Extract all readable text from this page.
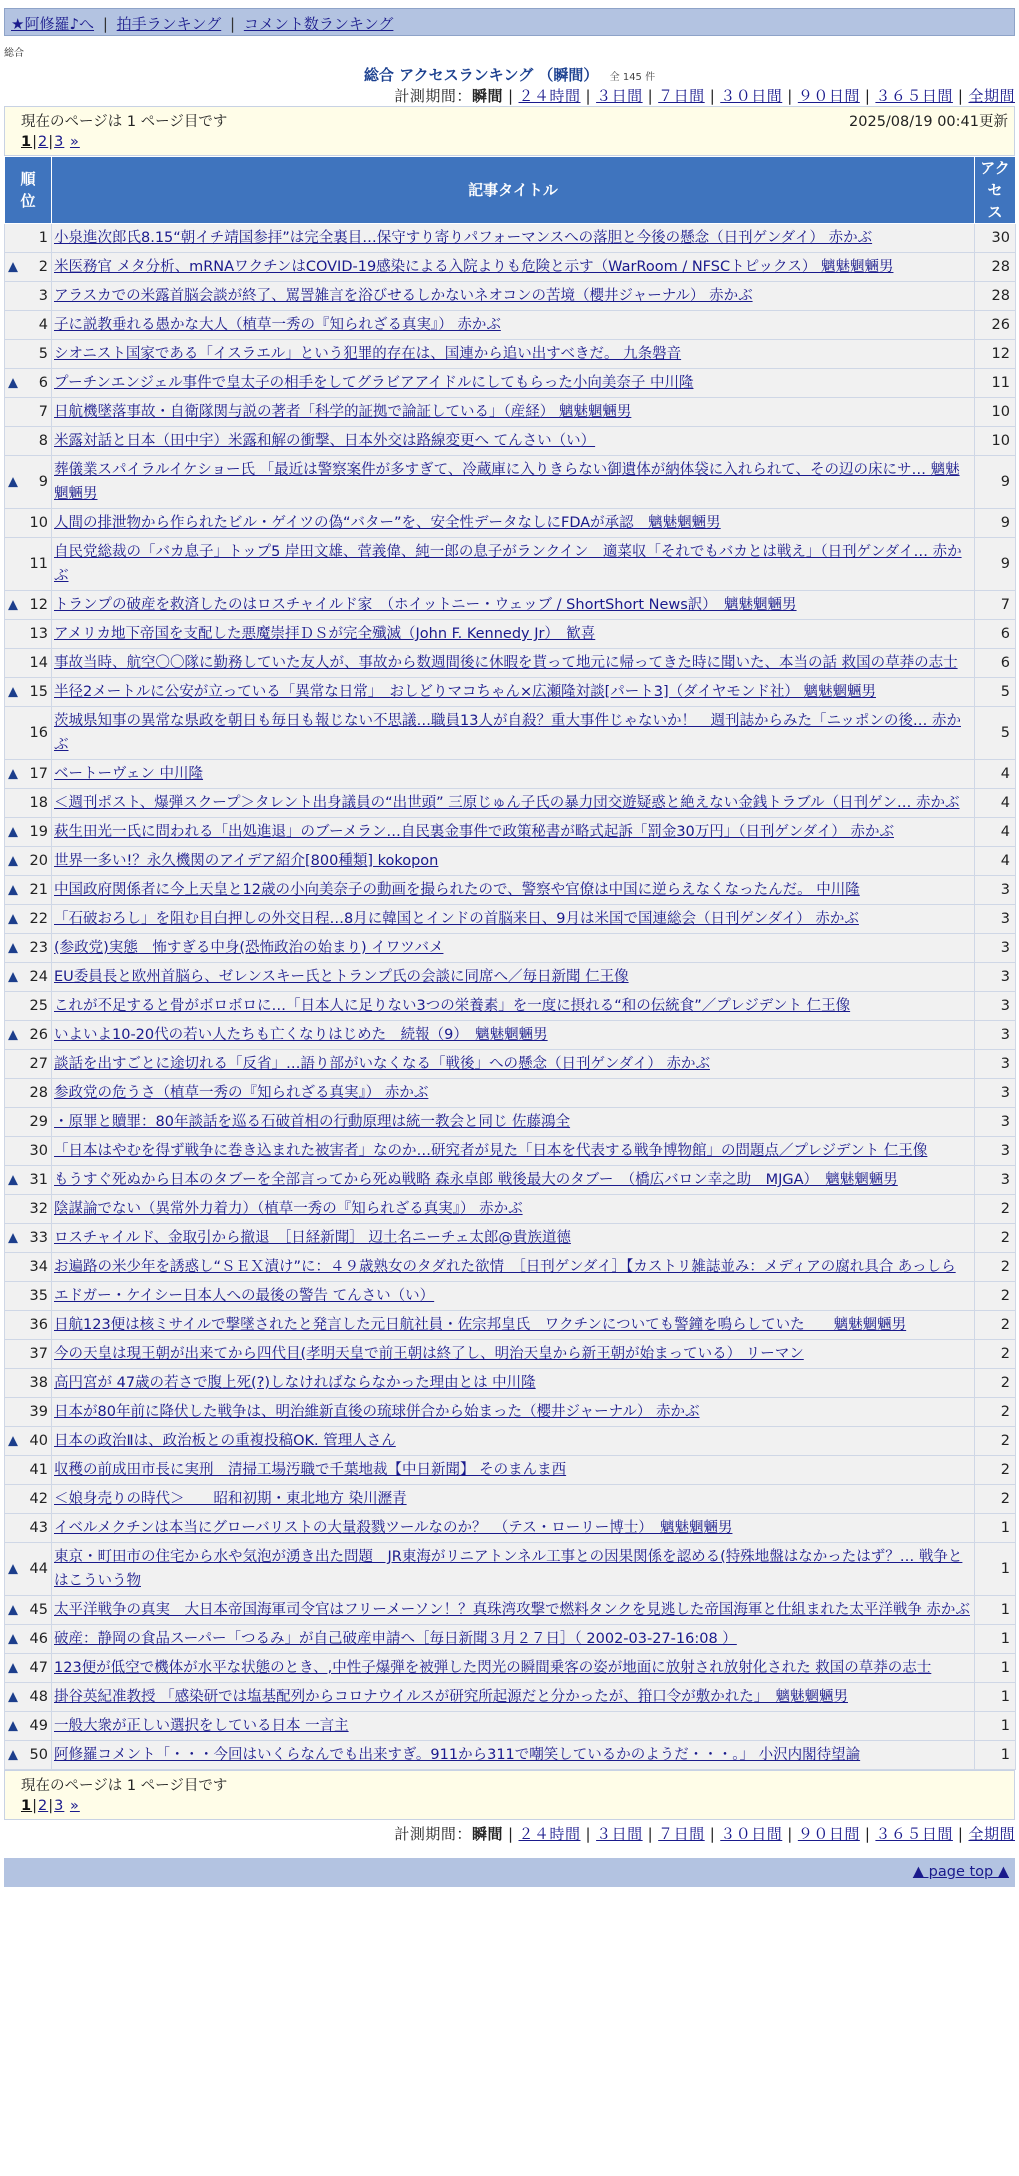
★阿修羅♪へ | 拍手ランキング | コメント数ランキング
総合
総合 アクセスランキング （瞬間） 全 145 件
計測期間：瞬間 | ２４時間 | ３日間 | ７日間 | ３０日間 | ９０日間 | ３６５日間 | 全期間
現在のページは 1 ページ目です	2025/08/19 00:41更新
1|2|3 »
順
位	記事タイトル	アクセ
ス
1	小泉進次郎氏8.15“朝イチ靖国参拝”は完全裏目…保守すり寄りパフォーマンスへの落胆と今後の懸念（日刊ゲンダイ） 赤かぶ	30

▲ 2	米医務官 メタ分析、mRNAワクチンはCOVID-19感染による入院よりも危険と示す（WarRoom / NFSCトピックス） 魑魅魍魎男	28
3	アラスカでの米露首脳会談が終了、罵詈雑言を浴びせるしかないネオコンの苦境（櫻井ジャーナル） 赤かぶ	28
4	子に説教垂れる愚かな大人（植草一秀の『知られざる真実』） 赤かぶ	26
5	シオニスト国家である「イスラエル」という犯罪的存在は、国連から追い出すべきだ。 九条磐音	12

▲ 6	プーチンエンジェル事件で皇太子の相手をしてグラビアアイドルにしてもらった小向美奈子 中川隆	11
7	日航機墜落事故・自衛隊関与説の著者「科学的証拠で論証している」（産経） 魑魅魍魎男	10
8	米露対話と日本（田中宇）米露和解の衝撃、日本外交は路線変更へ てんさい（い）	10

▲ 9	葬儀業スパイラルイケショー氏 「最近は警察案件が多すぎて、冷蔵庫に入りきらない御遺体が納体袋に入れられて、その辺の床にサ… 魑魅魍魎男	9
10	人間の排泄物から作られたビル・ゲイツの偽“バター”を、安全性データなしにFDAが承認　魑魅魍魎男	9
11	自民党総裁の「バカ息子」トップ5 岸田文雄、菅義偉、純一郎の息子がランクイン　適菜収「それでもバカとは戦え」（日刊ゲンダイ… 赤かぶ	9

▲ 12	トランプの破産を救済したのはロスチャイルド家　（ホイットニー・ウェッブ / ShortShort News訳）　魑魅魍魎男	7
13	アメリカ地下帝国を支配した悪魔崇拝ＤＳが完全殲滅（John F. Kennedy Jr）　歓喜	6
14	事故当時、航空〇〇隊に勤務していた友人が、事故から数週間後に休暇を貰って地元に帰ってきた時に聞いた、本当の話 救国の草莽の志士	6

▲ 15	半径2メートルに公安が立っている「異常な日常」　おしどりマコちゃん×広瀬隆対談[パート3]（ダイヤモンド社） 魑魅魍魎男	5
16	茨城県知事の異常な県政を朝日も毎日も報じない不思議…職員13人が自殺？重大事件じゃないか！　週刊誌からみた「ニッポンの後… 赤かぶ	5

▲ 17	ベートーヴェン 中川隆	4
18	＜週刊ポスト、爆弾スクープ＞タレント出身議員の“出世頭” 三原じゅん子氏の暴力団交遊疑惑と絶えない金銭トラブル（日刊ゲン… 赤かぶ	4

▲ 19	萩生田光一氏に問われる「出処進退」のブーメラン…自民裏金事件で政策秘書が略式起訴「罰金30万円」（日刊ゲンダイ） 赤かぶ	4

▲ 20	世界一多い!？永久機関のアイデア紹介[800種類] kokopon	4

▲ 21	中国政府関係者に今上天皇と12歳の小向美奈子の動画を撮られたので、警察や官僚は中国に逆らえなくなったんだ。 中川隆	3

▲ 22	「石破おろし」を阻む目白押しの外交日程…8月に韓国とインドの首脳来日、9月は米国で国連総会（日刊ゲンダイ） 赤かぶ	3

▲ 23	(参政党)実態　怖すぎる中身(恐怖政治の始まり) イワツバメ	3

▲ 24	EU委員長と欧州首脳ら、ゼレンスキー氏とトランプ氏の会談に同席へ／毎日新聞 仁王像	3
25	これが不足すると骨がボロボロに…「日本人に足りない3つの栄養素」を一度に摂れる“和の伝統食”／プレジデント 仁王像	3

▲ 26	いよいよ10-20代の若い人たちも亡くなりはじめた　続報（9）　魑魅魍魎男	3
27	談話を出すごとに途切れる「反省」…語り部がいなくなる「戦後」への懸念（日刊ゲンダイ） 赤かぶ	3
28	参政党の危うさ（植草一秀の『知られざる真実』） 赤かぶ	3
29	・原罪と贖罪：80年談話を巡る石破首相の行動原理は統一教会と同じ 佐藤鴻全	3
30	「日本はやむを得ず戦争に巻き込まれた被害者」なのか…研究者が見た「日本を代表する戦争博物館」の問題点／プレジデント 仁王像	3

▲ 31	もうすぐ死ぬから日本のタブーを全部言ってから死ぬ戦略 森永卓郎 戦後最大のタブー　（橋広バロン幸之助　MJGA）　魑魅魍魎男	3
32	陰謀論でない（異常外力着力）（植草一秀の『知られざる真実』） 赤かぶ	2

▲ 33	ロスチャイルド、金取引から撤退　［日経新聞］ 辺土名ニーチェ太郎@貴族道德	2
34	お遍路の米少年を誘惑し“ＳＥＸ漬け”に：４９歳熟女のタダれた欲情　［日刊ゲンダイ］【カストリ雑誌並み：メディアの腐れ具合 あっしら	2
35	エドガー・ケイシー日本人への最後の警告 てんさい（い）	2
36	日航123便は核ミサイルで撃墜されたと発言した元日航社員・佐宗邦皇氏　ワクチンについても警鐘を鳴らしていた　　魑魅魍魎男	2
37	今の天皇は現王朝が出来てから四代目(孝明天皇で前王朝は終了し、明治天皇から新王朝が始まっている） リーマン	2
38	高円宮が 47歳の若さで腹上死(?)しなければならなかった理由とは 中川隆	2
39	日本が80年前に降伏した戦争は、明治維新直後の琉球併合から始まった（櫻井ジャーナル） 赤かぶ	2

▲ 40	日本の政治Ⅱは、政治板との重複投稿OK. 管理人さん	2
41	収穫の前成田市長に実刑　清掃工場汚職で千葉地裁【中日新聞】 そのまんま西	2
42	＜娘身売りの時代＞　　昭和初期・東北地方 染川瀝青	2
43	イベルメクチンは本当にグローバリストの大量殺戮ツールなのか？　（テス・ローリー博士）　魑魅魍魎男	1

▲ 44	東京・町田市の住宅から水や気泡が湧き出た問題　JR東海がリニアトンネル工事との因果関係を認める(特殊地盤はなかったはず？… 戦争とはこういう物	1

▲ 45	太平洋戦争の真実　大日本帝国海軍司令官はフリーメーソン！？真珠湾攻撃で燃料タンクを見逃した帝国海軍と仕組まれた太平洋戦争 赤かぶ	1

▲ 46	破産：静岡の食品スーパー「つるみ」が自己破産申請へ［毎日新聞３月２７日］（ 2002-03-27-16:08 ）	1

▲ 47	123便が低空で機体が水平な状態のとき、,中性子爆弾を被弾した閃光の瞬間乗客の姿が地面に放射され放射化された 救国の草莽の志士	1

▲ 48	掛谷英紀准教授 「感染研では塩基配列からコロナウイルスが研究所起源だと分かったが、箝口令が敷かれた」　魑魅魍魎男	1

▲ 49	一般大衆が正しい選択をしている日本 一言主	1

▲ 50	阿修羅コメント「・・・今回はいくらなんでも出来すぎ。911から311で嘲笑しているかのようだ・・・。」 小沢内閣待望論	1
現在のページは 1 ページ目です
1|2|3 »
計測期間：瞬間 | ２４時間 | ３日間 | ７日間 | ３０日間 | ９０日間 | ３６５日間 | 全期間
▲ page top ▲
